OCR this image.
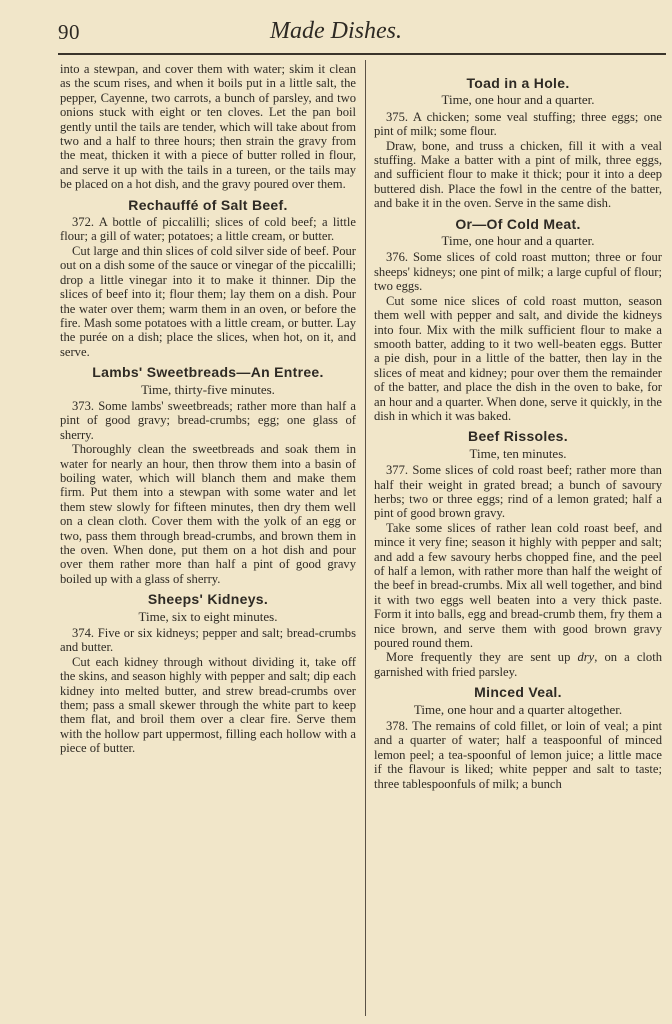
90	Made Dishes.

into a stewpan, and cover them with water; skim it clean as the scum rises, and when it boils put in a little salt, the pepper, Cayenne, two carrots, a bunch of parsley, and two onions stuck with eight or ten cloves. Let the pan boil gently until the tails are tender, which will take about from two and a half to three hours; then strain the gravy from the meat, thicken it with a piece of butter rolled in flour, and serve it up with the tails in a tureen, or the tails may be placed on a hot dish, and the gravy poured over them.

Rechauffé of Salt Beef.

372. A bottle of piccalilli; slices of cold beef; a little flour; a gill of water; potatoes; a little cream, or butter.

Cut large and thin slices of cold silver side of beef. Pour out on a dish some of the sauce or vinegar of the piccalilli; drop a little vinegar into it to make it thinner. Dip the slices of beef into it; flour them; lay them on a dish. Pour the water over them; warm them in an oven, or before the fire. Mash some potatoes with a little cream, or butter. Lay the purée on a dish; place the slices, when hot, on it, and serve.

Lambs' Sweetbreads—An Entree.

Time, thirty-five minutes.

373. Some lambs' sweetbreads; rather more than half a pint of good gravy; bread-crumbs; egg; one glass of sherry.

Thoroughly clean the sweetbreads and soak them in water for nearly an hour, then throw them into a basin of boiling water, which will blanch them and make them firm. Put them into a stewpan with some water and let them stew slowly for fifteen minutes, then dry them well on a clean cloth. Cover them with the yolk of an egg or two, pass them through bread-crumbs, and brown them in the oven. When done, put them on a hot dish and pour over them rather more than half a pint of good gravy boiled up with a glass of sherry.

Sheeps' Kidneys.

Time, six to eight minutes.

374. Five or six kidneys; pepper and salt; bread-crumbs and butter.

Cut each kidney through without dividing it, take off the skins, and season highly with pepper and salt; dip each kidney into melted butter, and strew bread-crumbs over them; pass a small skewer through the white part to keep them flat, and broil them over a clear fire. Serve them with the hollow part uppermost, filling each hollow with a piece of butter.

Toad in a Hole.

Time, one hour and a quarter.

375. A chicken; some veal stuffing; three eggs; one pint of milk; some flour.

Draw, bone, and truss a chicken, fill it with a veal stuffing. Make a batter with a pint of milk, three eggs, and sufficient flour to make it thick; pour it into a deep buttered dish. Place the fowl in the centre of the batter, and bake it in the oven. Serve in the same dish.

Or—Of Cold Meat.

Time, one hour and a quarter.

376. Some slices of cold roast mutton; three or four sheeps' kidneys; one pint of milk; a large cupful of flour; two eggs.

Cut some nice slices of cold roast mutton, season them well with pepper and salt, and divide the kidneys into four. Mix with the milk sufficient flour to make a smooth batter, adding to it two well-beaten eggs. Butter a pie dish, pour in a little of the batter, then lay in the slices of meat and kidney; pour over them the remainder of the batter, and place the dish in the oven to bake, for an hour and a quarter. When done, serve it quickly, in the dish in which it was baked.

Beef Rissoles.

Time, ten minutes.

377. Some slices of cold roast beef; rather more than half their weight in grated bread; a bunch of savoury herbs; two or three eggs; rind of a lemon grated; half a pint of good brown gravy.

Take some slices of rather lean cold roast beef, and mince it very fine; season it highly with pepper and salt; and add a few savoury herbs chopped fine, and the peel of half a lemon, with rather more than half the weight of the beef in bread-crumbs. Mix all well together, and bind it with two eggs well beaten into a very thick paste. Form it into balls, egg and bread-crumb them, fry them a nice brown, and serve them with good brown gravy poured round them.

More frequently they are sent up dry, on a cloth garnished with fried parsley.

Minced Veal.

Time, one hour and a quarter altogether.

378. The remains of cold fillet, or loin of veal; a pint and a quarter of water; half a teaspoonful of minced lemon peel; a tea-spoonful of lemon juice; a little mace if the flavour is liked; white pepper and salt to taste; three tablespoonfuls of milk; a bunch
